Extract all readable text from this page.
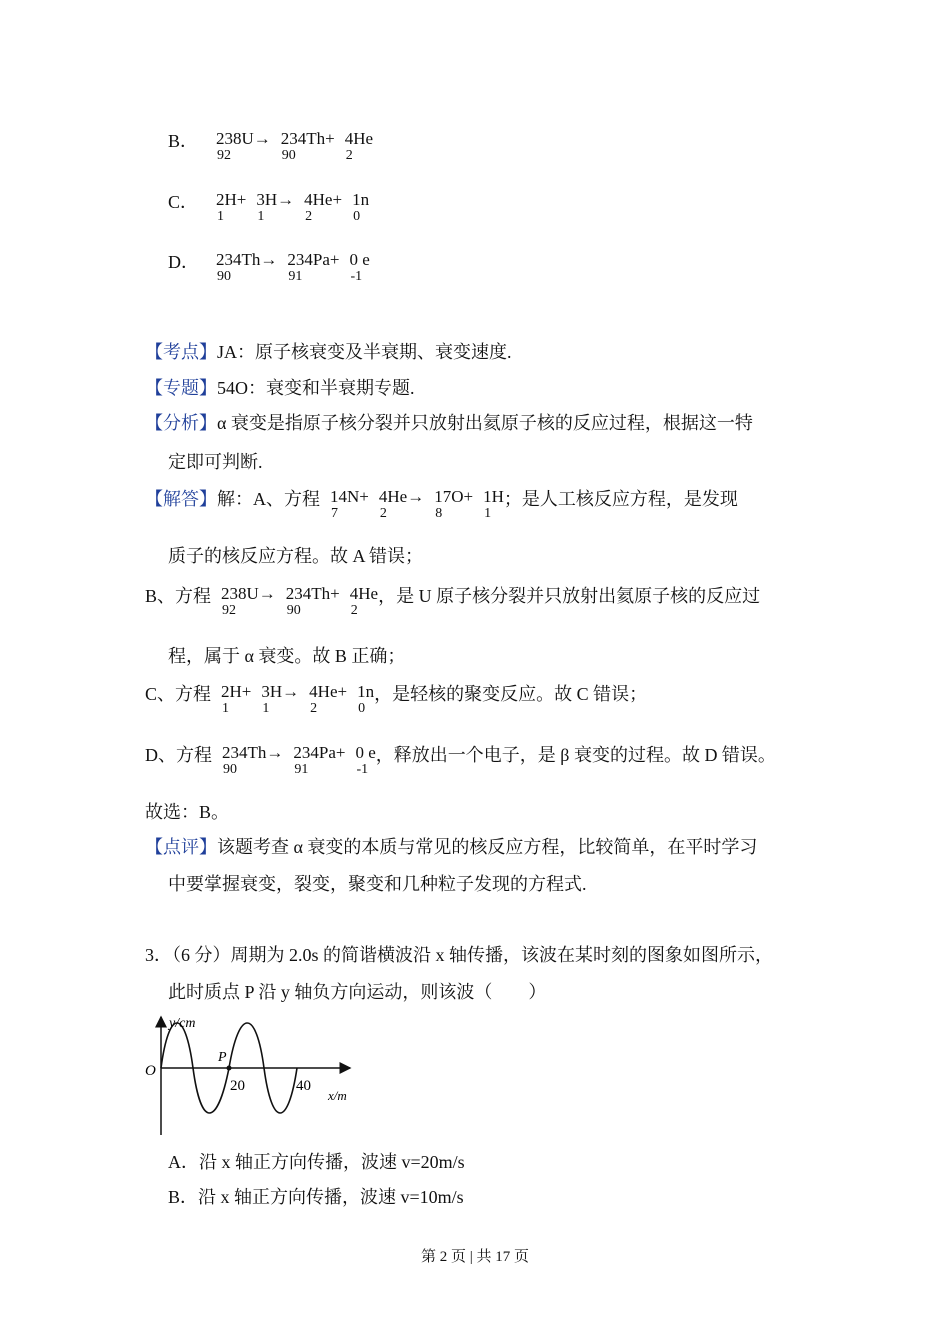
B． 238U→
92
234Th+
90
4He
2
C． 2H+
1
3H→
1
4He+
2
1n
0
D． 234Th→
90
234Pa+
91
0 e
-1
【考点】JA：原子核衰变及半衰期、衰变速度.
【专题】54O：衰变和半衰期专题.
【分析】α 衰变是指原子核分裂并只放射出氦原子核的反应过程，根据这一特
定即可判断.
【解答】解：A、方程 14N+
7
4He→
2
17O+
8
1H
1
；是人工核反应方程，是发现
质子的核反应方程。故 A 错误；
B、方程 238U→
92
234Th+
90
4He
2
，是 U 原子核分裂并只放射出氦原子核的反应过
程，属于 α 衰变。故 B 正确；
C、方程 2H+
1
3H→
1
4He+
2
1n
0
，是轻核的聚变反应。故 C 错误；
D、方程 234Th→
90
234Pa+
91
0 e
-1
，释放出一个电子，是 β 衰变的过程。故 D 错误。
故选：B。
【点评】该题考查 α 衰变的本质与常见的核反应方程，比较简单，在平时学习
中要掌握衰变，裂变，聚变和几种粒子发现的方程式.
3．（6 分）周期为 2.0s 的简谐横波沿 x 轴传播，该波在某时刻的图象如图所示，
此时质点 P 沿 y 轴负方向运动，则该波（　　）
y/cm
O
P
20	40
x/m
A．沿 x 轴正方向传播，波速 v=20m/s
B．沿 x 轴正方向传播，波速 v=10m/s
第 2 页 | 共 17 页
